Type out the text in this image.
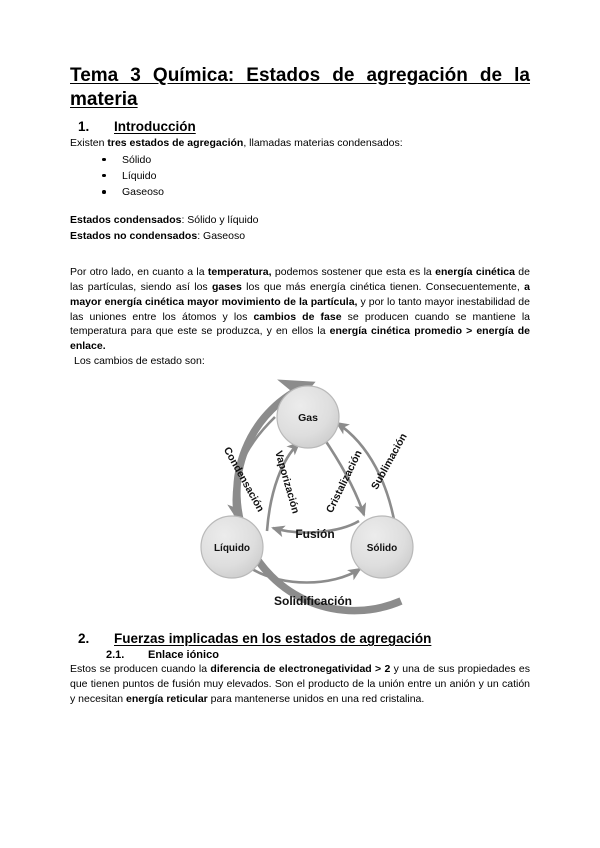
Tema 3 Química: Estados de agregación de la
materia
1.	Introducción

Existen tres estados de agregación, llamadas materias condensados:

Sólido
Líquido
Gaseoso
Estados condensados: Sólido y líquido
Estados no condensados: Gaseoso

Por otro lado, en cuanto a la temperatura, podemos sostener que esta es la energía cinética de las partículas, siendo así los gases los que más energía cinética tienen. Consecuentemente, a mayor energía cinética mayor movimiento de la partícula, y por lo tanto mayor inestabilidad de las uniones entre los átomos y los cambios de fase se producen cuando se mantiene la temperatura para que este se produzca, y en ellos la energía cinética promedio > energía de enlace.

Los cambios de estado son:

Gas
Líquido	Sólido
Condensación Vaporización Cristalización Sublimación
Fusión
Solidificación
2.	Fuerzas implicadas en los estados de agregación
2.1.	Enlace iónico

Estos se producen cuando la diferencia de electronegatividad > 2 y una de sus propiedades es que tienen puntos de fusión muy elevados. Son el producto de la unión entre un anión y un catión y necesitan energía reticular para mantenerse unidos en una red cristalina.
